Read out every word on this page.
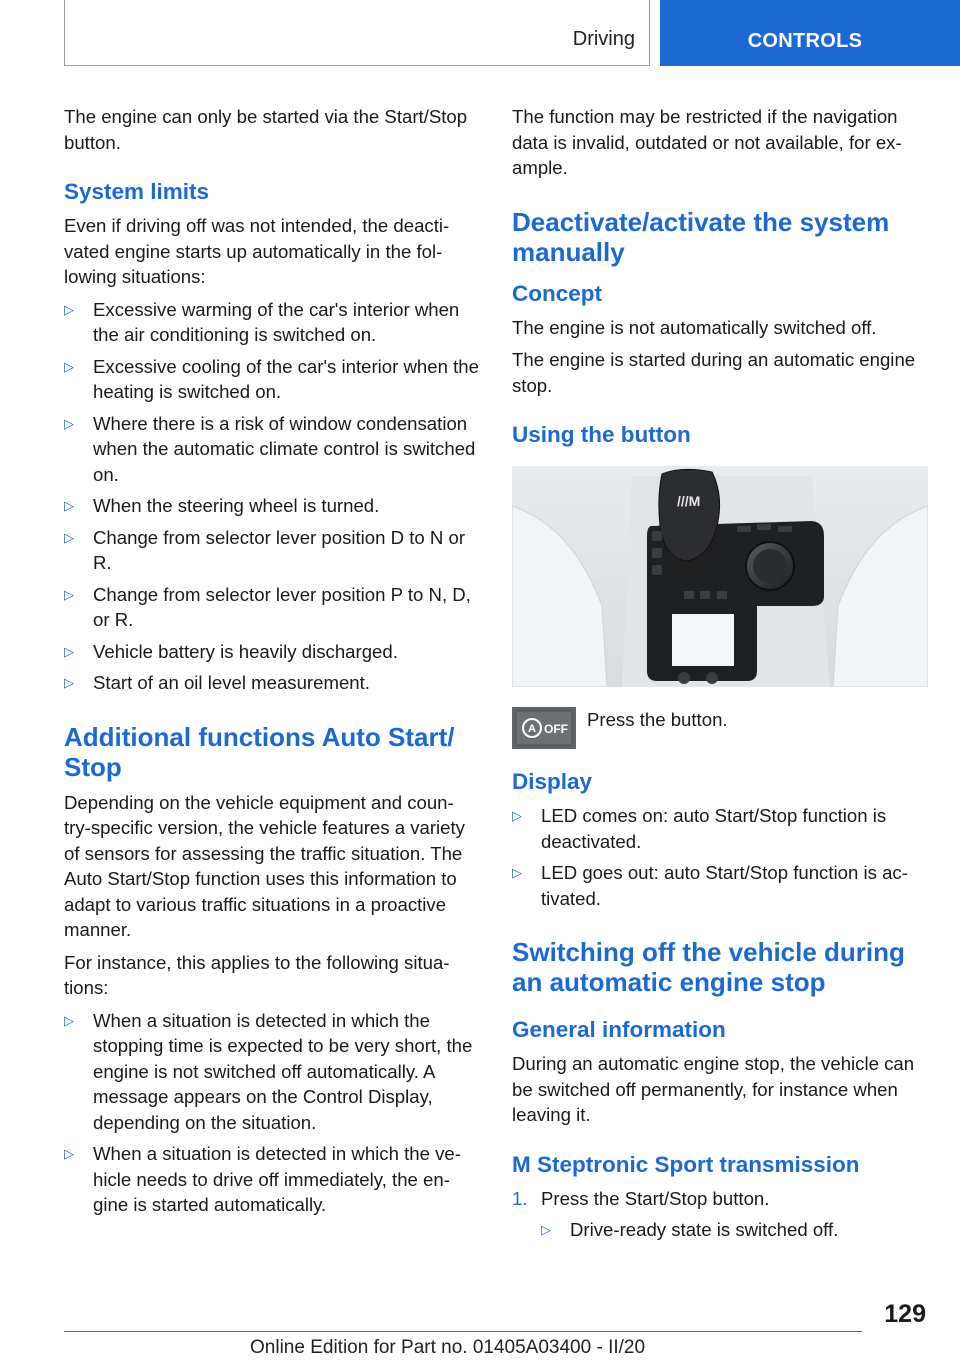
Driving	CONTROLS

The engine can only be started via the Start/Stop button.

System limits

Even if driving off was not intended, the deacti-vated engine starts up automatically in the fol-lowing situations:

▷ Excessive warming of the car's interior when the air conditioning is switched on.
▷ Excessive cooling of the car's interior when the heating is switched on.
▷ Where there is a risk of window condensation when the automatic climate control is switched on.
▷ When the steering wheel is turned.
▷ Change from selector lever position D to N or R.
▷ Change from selector lever position P to N, D, or R.
▷ Vehicle battery is heavily discharged.
▷ Start of an oil level measurement.
Additional functions Auto Start/ Stop

Depending on the vehicle equipment and coun-try-specific version, the vehicle features a variety of sensors for assessing the traffic situation. The Auto Start/Stop function uses this information to adapt to various traffic situations in a proactive manner.

For instance, this applies to the following situa-tions:

▷ When a situation is detected in which the stopping time is expected to be very short, the engine is not switched off automatically. A message appears on the Control Display, depending on the situation.
▷ When a situation is detected in which the ve-hicle needs to drive off immediately, the en-gine is started automatically.

The function may be restricted if the navigation data is invalid, outdated or not available, for ex-ample.

Deactivate/activate the system manually
Concept

The engine is not automatically switched off.

The engine is started during an automatic engine stop.

Using the button
///M
A OFF Press the button.
Display
▷ LED comes on: auto Start/Stop function is deactivated.
▷ LED goes out: auto Start/Stop function is ac-tivated.
Switching off the vehicle during an automatic engine stop
General information

During an automatic engine stop, the vehicle can be switched off permanently, for instance when leaving it.

M Steptronic Sport transmission
1. Press the Start/Stop button.
▷ Drive-ready state is switched off.
129
Online Edition for Part no. 01405A03400 - II/20
